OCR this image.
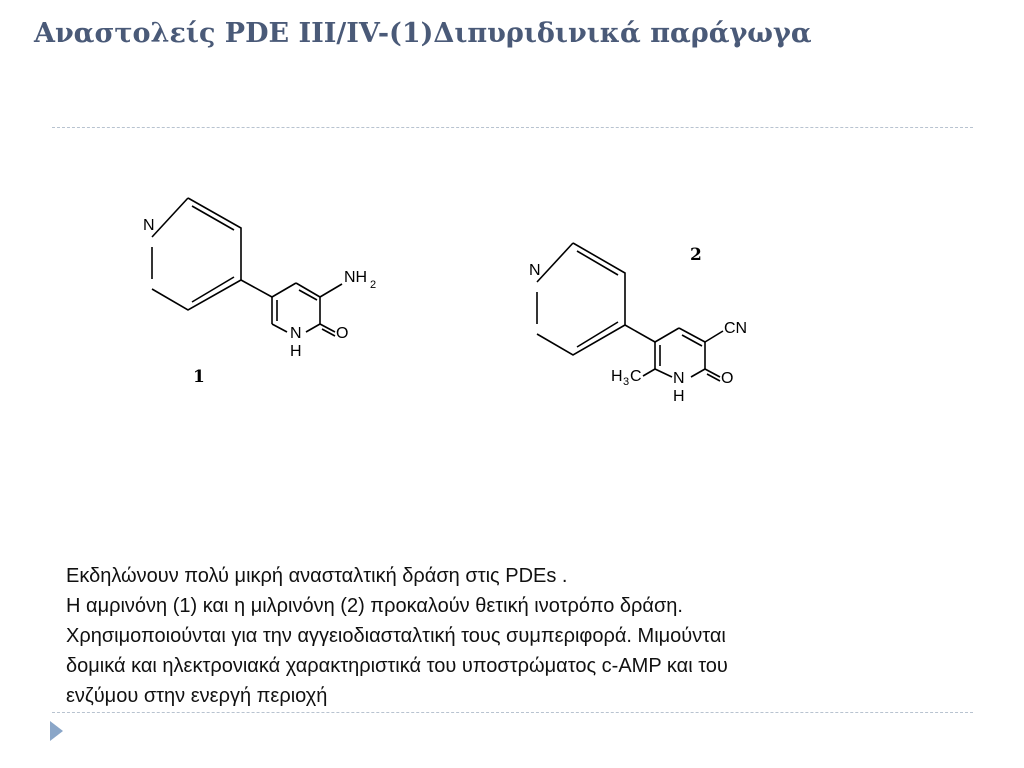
Αναστολείς PDE III/IV-(1)Διπυριδινικά παράγωγα
N
NH 2
N
H
O
1
N
CN
H 3 C N
H
O
2
Εκδηλώνουν πολύ μικρή ανασταλτική δράση στις PDEs .
Η αμρινόνη (1) και η μιλρινόνη (2) προκαλούν θετική ινοτρόπο δράση.
Χρησιμοποιούνται για την αγγειοδιασταλτική τους συμπεριφορά. Μιμούνται
δομικά και ηλεκτρονιακά χαρακτηριστικά του υποστρώματος c-AMP και του
ενζύμου στην ενεργή περιοχή
